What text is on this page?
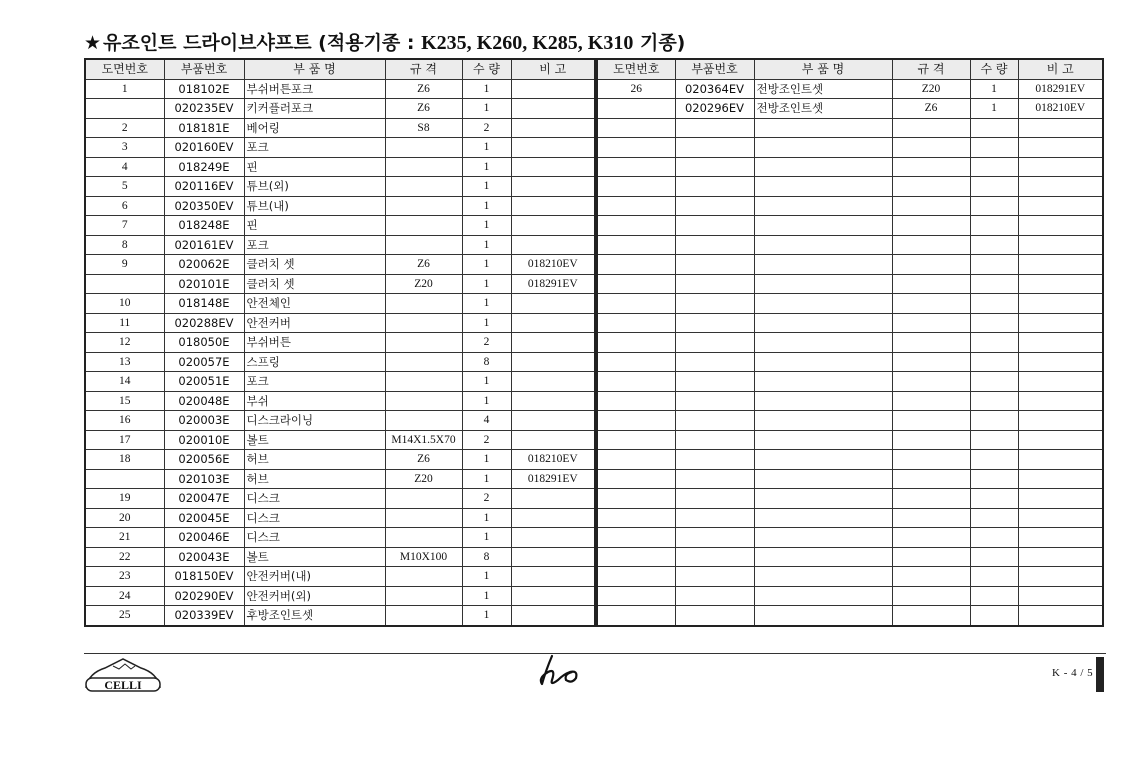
★ 유조인트 드라이브샤프트 (적용기종 : K235, K260, K285, K310 기종)
도면번호	부품번호	부 품 명	규 격	수 량	비 고
1	018102E	부쉬버튼포크	Z6	1	
	020235EV	키커플러포크	Z6	1	
2	018181E	베어링	S8	2	
3	020160EV	포크		1	
4	018249E	핀		1	
5	020116EV	튜브(외)		1	
6	020350EV	튜브(내)		1	
7	018248E	핀		1	
8	020161EV	포크		1	
9	020062E	클러치 셋	Z6	1	018210EV
	020101E	클러치 셋	Z20	1	018291EV
10	018148E	안전체인		1	
11	020288EV	안전커버		1	
12	018050E	부쉬버튼		2	
13	020057E	스프링		8	
14	020051E	포크		1	
15	020048E	부쉬		1	
16	020003E	디스크라이닝		4	
17	020010E	볼트	M14X1.5X70	2	
18	020056E	허브	Z6	1	018210EV
	020103E	허브	Z20	1	018291EV
19	020047E	디스크		2	
20	020045E	디스크		1	
21	020046E	디스크		1	
22	020043E	볼트	M10X100	8	
23	018150EV	안전커버(내)		1	
24	020290EV	안전커버(외)		1	
25	020339EV	후방조인트셋		1	
도면번호	부품번호	부 품 명	규 격	수 량	비 고
26	020364EV	전방조인트셋	Z20	1	018291EV
	020296EV	전방조인트셋	Z6	1	018210EV

CELLI
K - 4 / 5
